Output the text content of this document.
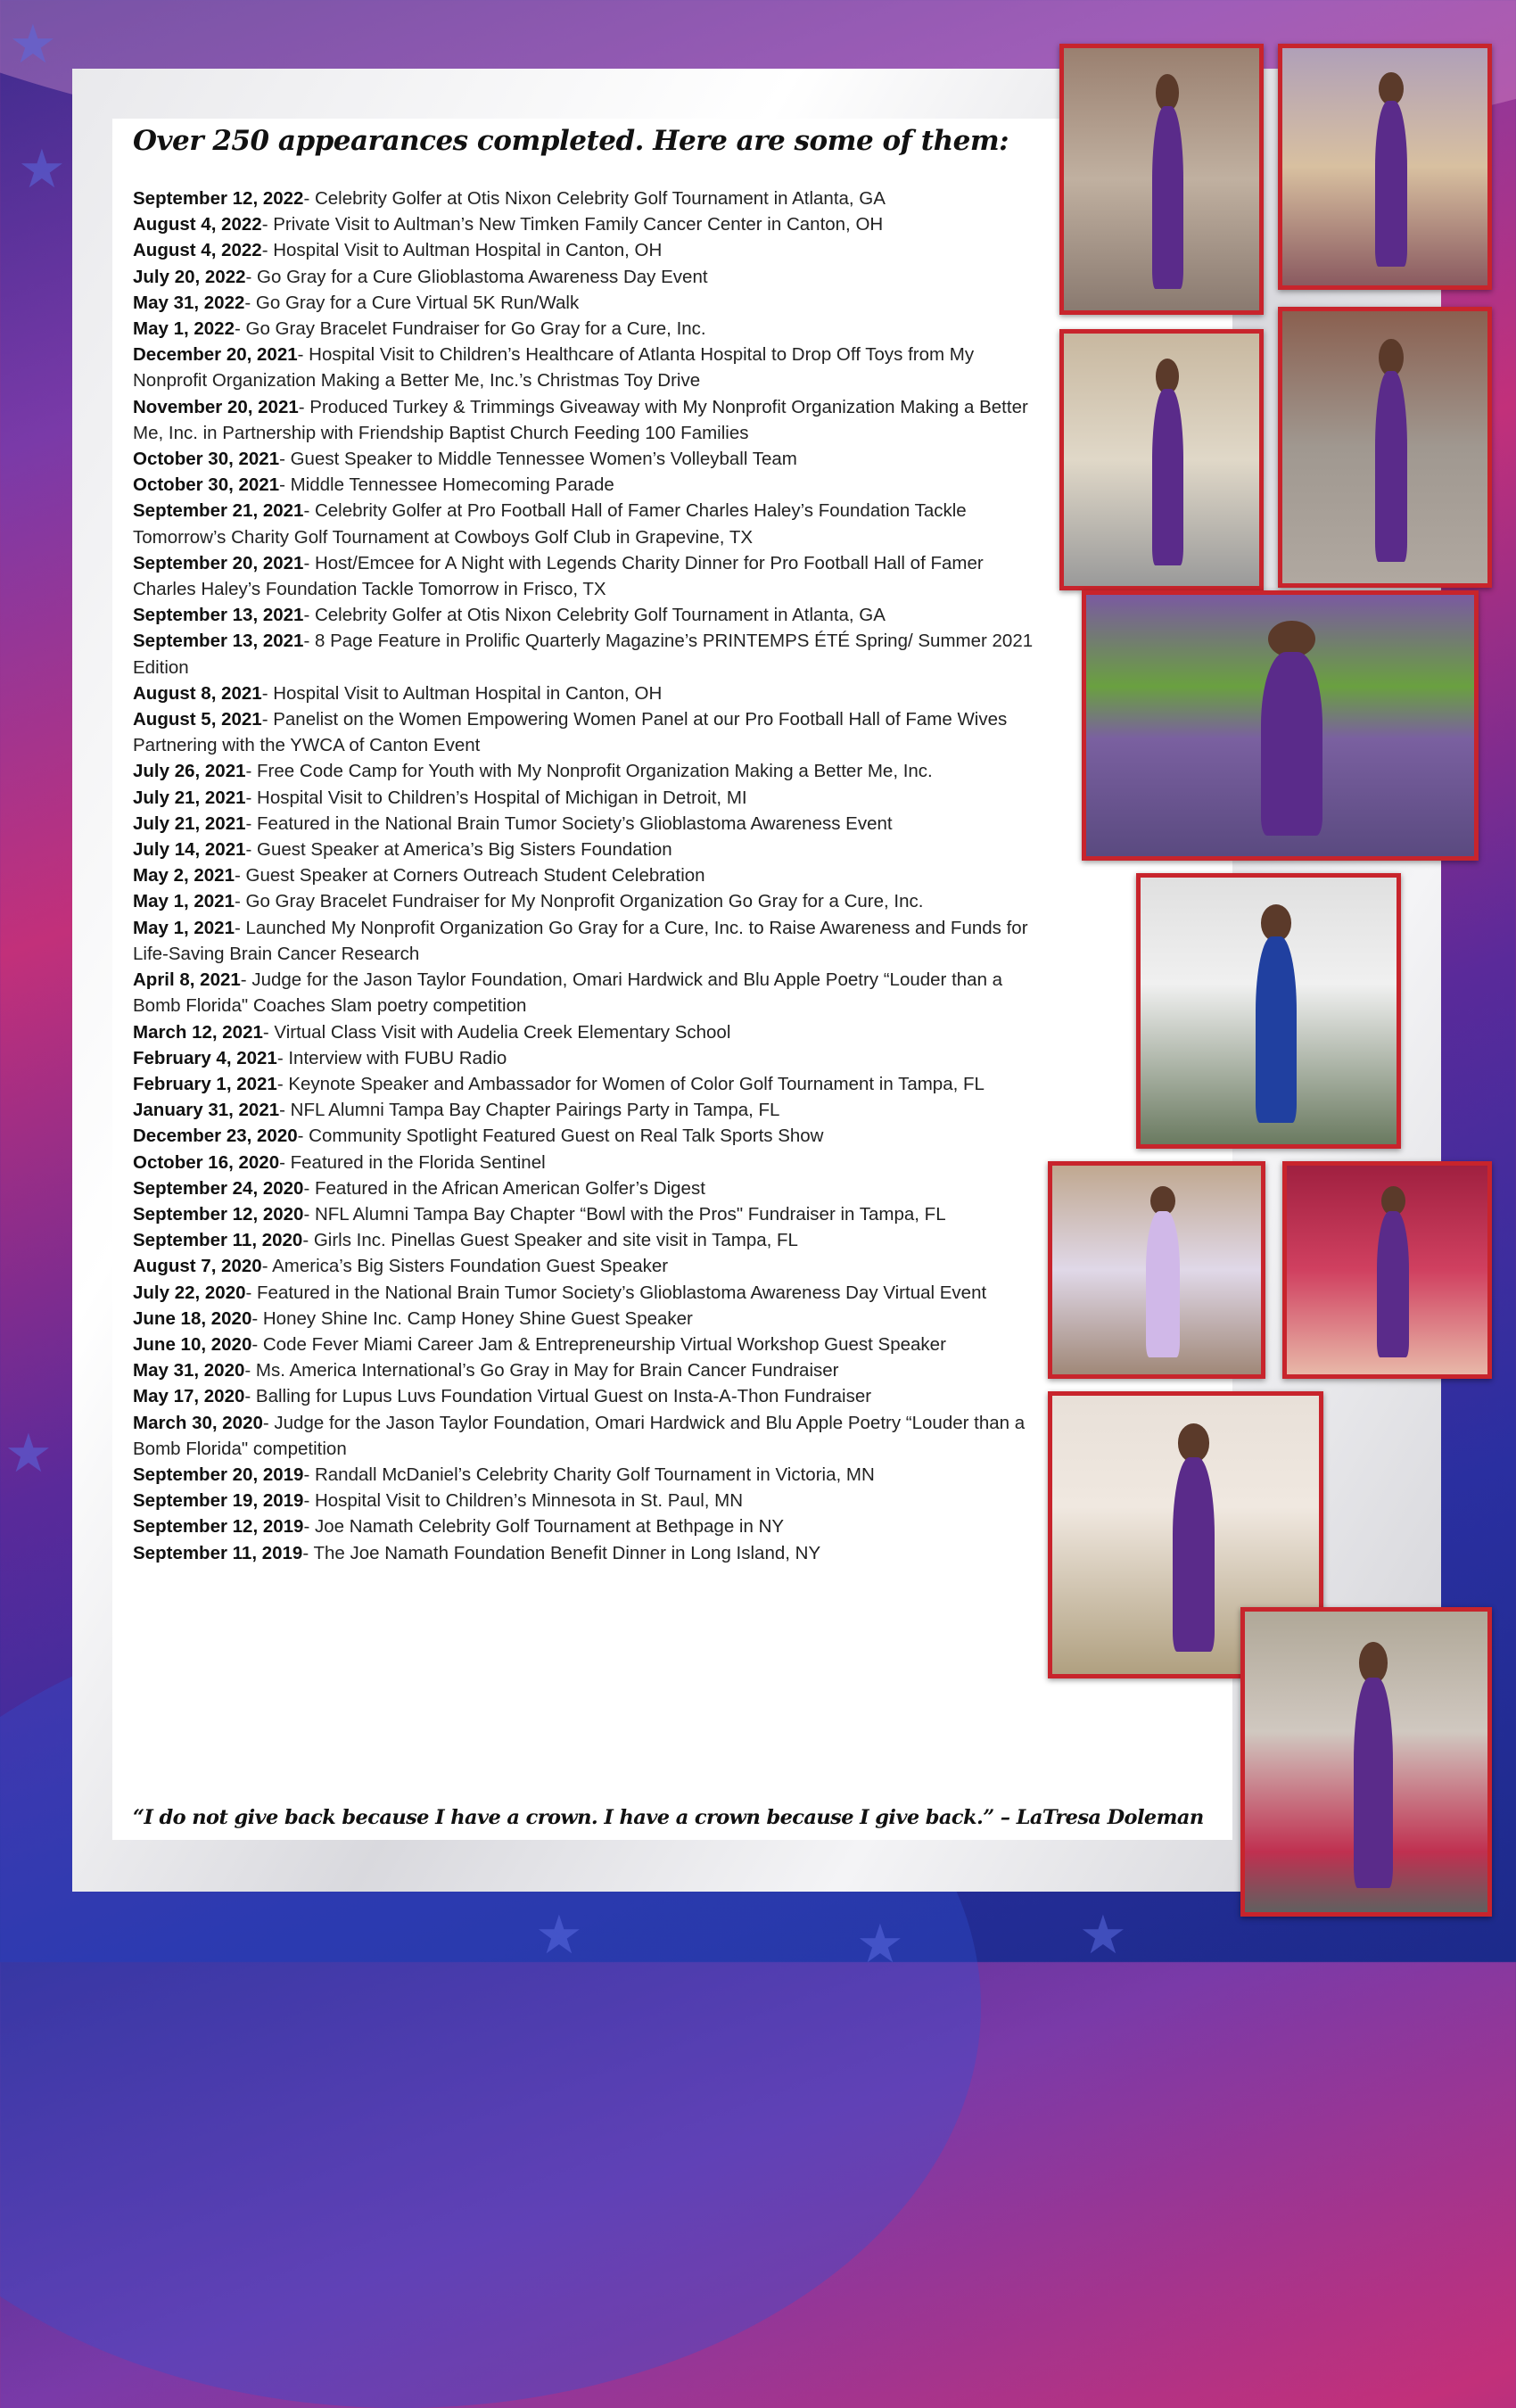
★
★
★
★	★	★
Over 250 appearances completed. Here are some of them:

September 12, 2022- Celebrity Golfer at Otis Nixon Celebrity Golf Tournament in Atlanta, GA

August 4, 2022- Private Visit to Aultman’s New Timken Family Cancer Center in Canton, OH

August 4, 2022- Hospital Visit to Aultman Hospital in Canton, OH

July 20, 2022- Go Gray for a Cure Glioblastoma Awareness Day Event

May 31, 2022- Go Gray for a Cure Virtual 5K Run/Walk

May 1, 2022- Go Gray Bracelet Fundraiser for Go Gray for a Cure, Inc.

December 20, 2021- Hospital Visit to Children’s Healthcare of Atlanta Hospital to Drop Off Toys from My Nonprofit Organization Making a Better Me, Inc.’s Christmas Toy Drive

November 20, 2021- Produced Turkey & Trimmings Giveaway with My Nonprofit Organization Making a Better Me, Inc. in Partnership with Friendship Baptist Church Feeding 100 Families

October 30, 2021- Guest Speaker to Middle Tennessee Women’s Volleyball Team

October 30, 2021- Middle Tennessee Homecoming Parade

September 21, 2021- Celebrity Golfer at Pro Football Hall of Famer Charles Haley’s Foundation Tackle Tomorrow’s Charity Golf Tournament at Cowboys Golf Club in Grapevine, TX

September 20, 2021- Host/Emcee for A Night with Legends Charity Dinner for Pro Football Hall of Famer Charles Haley’s Foundation Tackle Tomorrow in Frisco, TX

September 13, 2021- Celebrity Golfer at Otis Nixon Celebrity Golf Tournament in Atlanta, GA

September 13, 2021- 8 Page Feature in Prolific Quarterly Magazine’s PRINTEMPS ÉTÉ Spring/ Summer 2021 Edition

August 8, 2021- Hospital Visit to Aultman Hospital in Canton, OH

August 5, 2021- Panelist on the Women Empowering Women Panel at our Pro Football Hall of Fame Wives Partnering with the YWCA of Canton Event

July 26, 2021- Free Code Camp for Youth with My Nonprofit Organization Making a Better Me, Inc.

July 21, 2021- Hospital Visit to Children’s Hospital of Michigan in Detroit, MI

July 21, 2021- Featured in the National Brain Tumor Society’s Glioblastoma Awareness Event

July 14, 2021- Guest Speaker at America’s Big Sisters Foundation

May 2, 2021- Guest Speaker at Corners Outreach Student Celebration

May 1, 2021- Go Gray Bracelet Fundraiser for My Nonprofit Organization Go Gray for a Cure, Inc.

May 1, 2021- Launched My Nonprofit Organization Go Gray for a Cure, Inc. to Raise Awareness and Funds for Life-Saving Brain Cancer Research

April 8, 2021- Judge for the Jason Taylor Foundation, Omari Hardwick and Blu Apple Poetry “Louder than a Bomb Florida" Coaches Slam poetry competition

March 12, 2021- Virtual Class Visit with Audelia Creek Elementary School

February 4, 2021- Interview with FUBU Radio

February 1, 2021- Keynote Speaker and Ambassador for Women of Color Golf Tournament in Tampa, FL

January 31, 2021- NFL Alumni Tampa Bay Chapter Pairings Party in Tampa, FL

December 23, 2020- Community Spotlight Featured Guest on Real Talk Sports Show

October 16, 2020- Featured in the Florida Sentinel

September 24, 2020- Featured in the African American Golfer’s Digest

September 12, 2020- NFL Alumni Tampa Bay Chapter “Bowl with the Pros" Fundraiser in Tampa, FL

September 11, 2020- Girls Inc. Pinellas Guest Speaker and site visit in Tampa, FL

August 7, 2020- America’s Big Sisters Foundation Guest Speaker

July 22, 2020- Featured in the National Brain Tumor Society’s Glioblastoma Awareness Day Virtual Event

June 18, 2020- Honey Shine Inc. Camp Honey Shine Guest Speaker

June 10, 2020- Code Fever Miami Career Jam & Entrepreneurship Virtual Workshop Guest Speaker

May 31, 2020- Ms. America International’s Go Gray in May for Brain Cancer Fundraiser

May 17, 2020- Balling for Lupus Luvs Foundation Virtual Guest on Insta-A-Thon Fundraiser

March 30, 2020- Judge for the Jason Taylor Foundation, Omari Hardwick and Blu Apple Poetry “Louder than a Bomb Florida" competition

September 20, 2019- Randall McDaniel’s Celebrity Charity Golf Tournament in Victoria, MN

September 19, 2019- Hospital Visit to Children’s Minnesota in St. Paul, MN

September 12, 2019- Joe Namath Celebrity Golf Tournament at Bethpage in NY

September 11, 2019- The Joe Namath Foundation Benefit Dinner in Long Island, NY

“I do not give back because I have a crown. I have a crown because I give back.” – LaTresa Doleman
